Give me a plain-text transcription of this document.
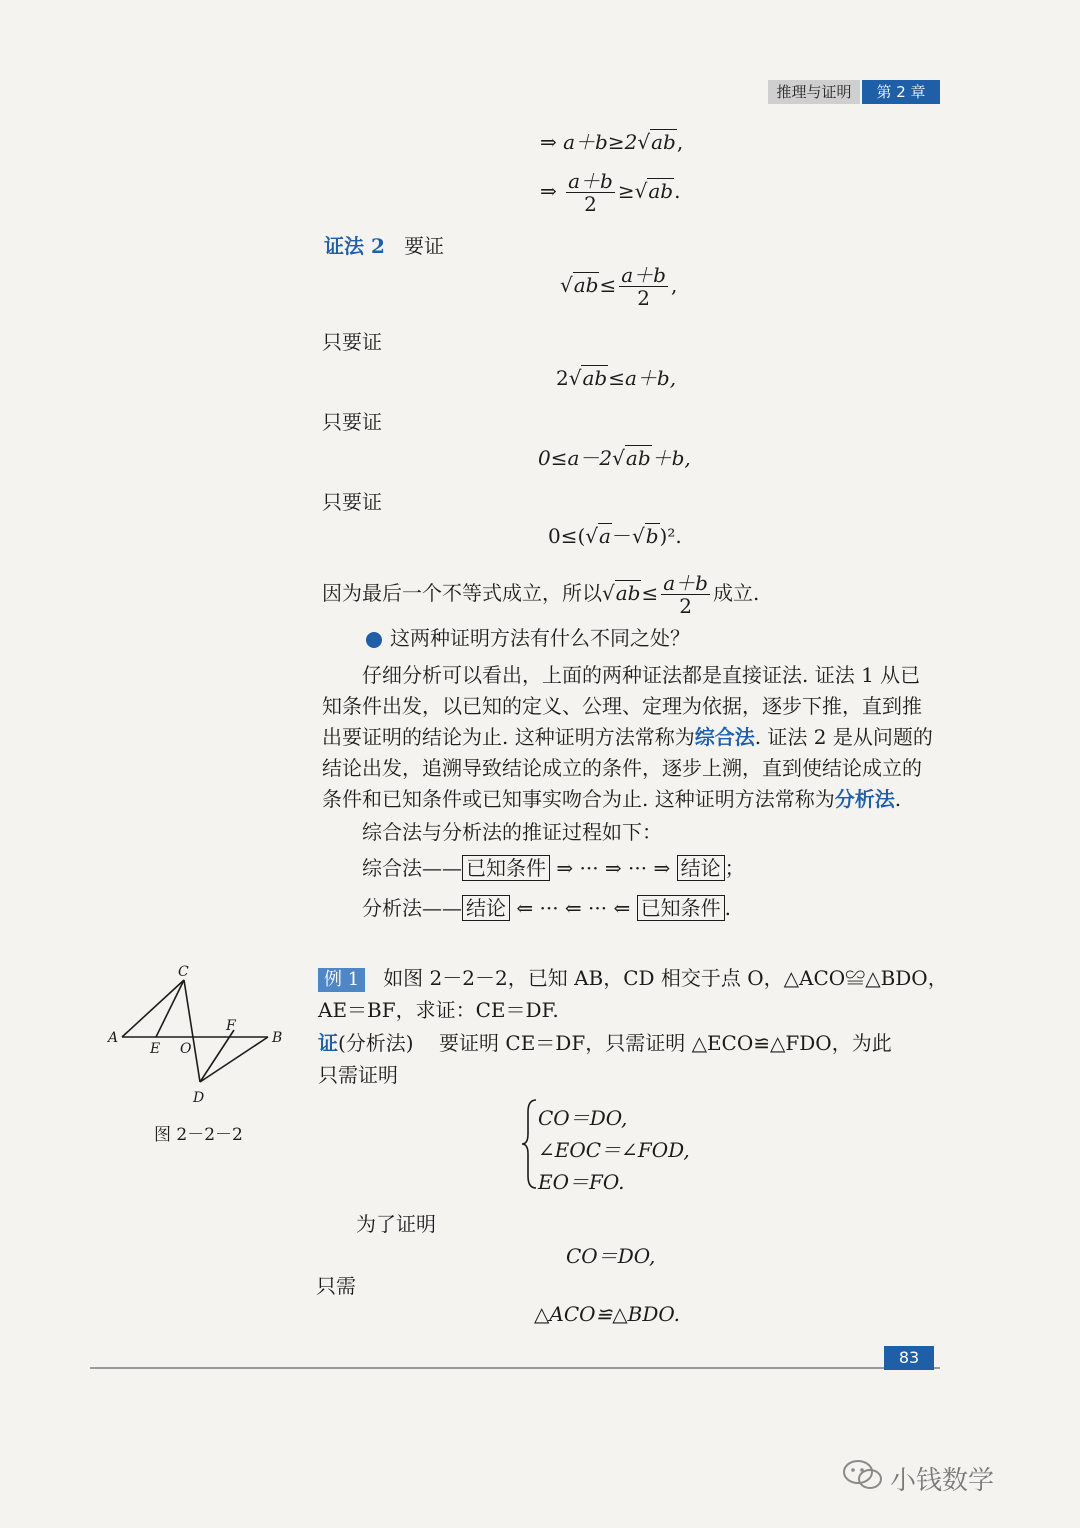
推理与证明	第 2 章
⇒ a＋b≥2√ab,
⇒ $\frac{a+b}{2} \ge√ab$.
证法 2 要证
$√ab\le \frac{a+b}{2}$ ,
只要证
2√ab≤a＋b,
只要证
0≤a－2√ab＋b,
只要证
0≤(√a－√b)².
因为最后一个不等式成立，所以$√ab\le \frac{a+b}{2}$ 成立.
这两种证明方法有什么不同之处？
仔细分析可以看出，上面的两种证法都是直接证法. 证法 1 从已知条件出发，以已知的定义、公理、定理为依据，逐步下推，直到推出要证明的结论为止. 这种证明方法常称为综合法. 证法 2 是从问题的结论出发，追溯导致结论成立的条件，逐步上溯，直到使结论成立的条件和已知条件或已知事实吻合为止. 这种证明方法常称为分析法.
综合法与分析法的推证过程如下：
综合法—— 已知条件 ⇒ ··· ⇒ ··· ⇒ 结论 ；
分析法—— 结论 ⇐ ··· ⇐ ··· ⇐ 已知条件 .
C
A	B
E O
F
D
图 2－2－2
例 1 如图 2－2－2，已知 AB，CD 相交于点 O，△ACO≌△BDO，
AE＝BF，求证：CE＝DF.
证(分析法) 要证明 CE＝DF，只需证明 △ECO≌△FDO，为此
只需证明
CO＝DO,
∠EOC＝∠FOD,
EO＝FO.
为了证明
CO＝DO,
只需
△ACO≌△BDO.
83
小钱数学
